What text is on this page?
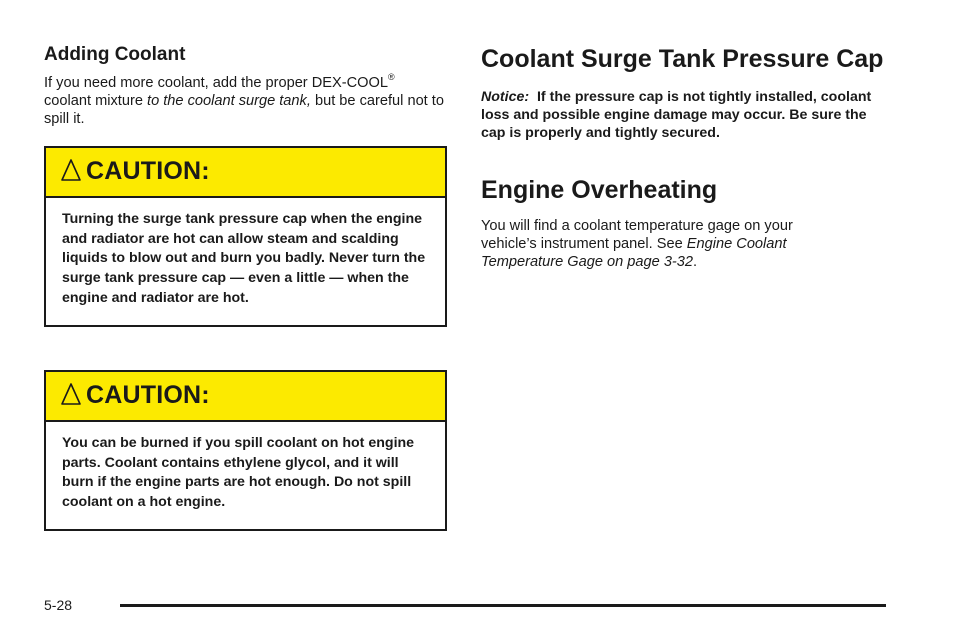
Adding Coolant

If you need more coolant, add the proper DEX-COOL®
coolant mixture to the coolant surge tank, but be careful not to spill it.

CAUTION:
Turning the surge tank pressure cap when the engine and radiator are hot can allow steam and scalding liquids to blow out and burn you badly. Never turn the surge tank pressure cap — even a little — when the engine and radiator are hot.
CAUTION:
You can be burned if you spill coolant on hot engine parts. Coolant contains ethylene glycol, and it will burn if the engine parts are hot enough. Do not spill coolant on a hot engine.
Coolant Surge Tank Pressure Cap

Notice: If the pressure cap is not tightly installed, coolant loss and possible engine damage may occur. Be sure the cap is properly and tightly secured.

Engine Overheating

You will find a coolant temperature gage on your vehicle’s instrument panel. See Engine Coolant Temperature Gage on page 3-32.

5-28
